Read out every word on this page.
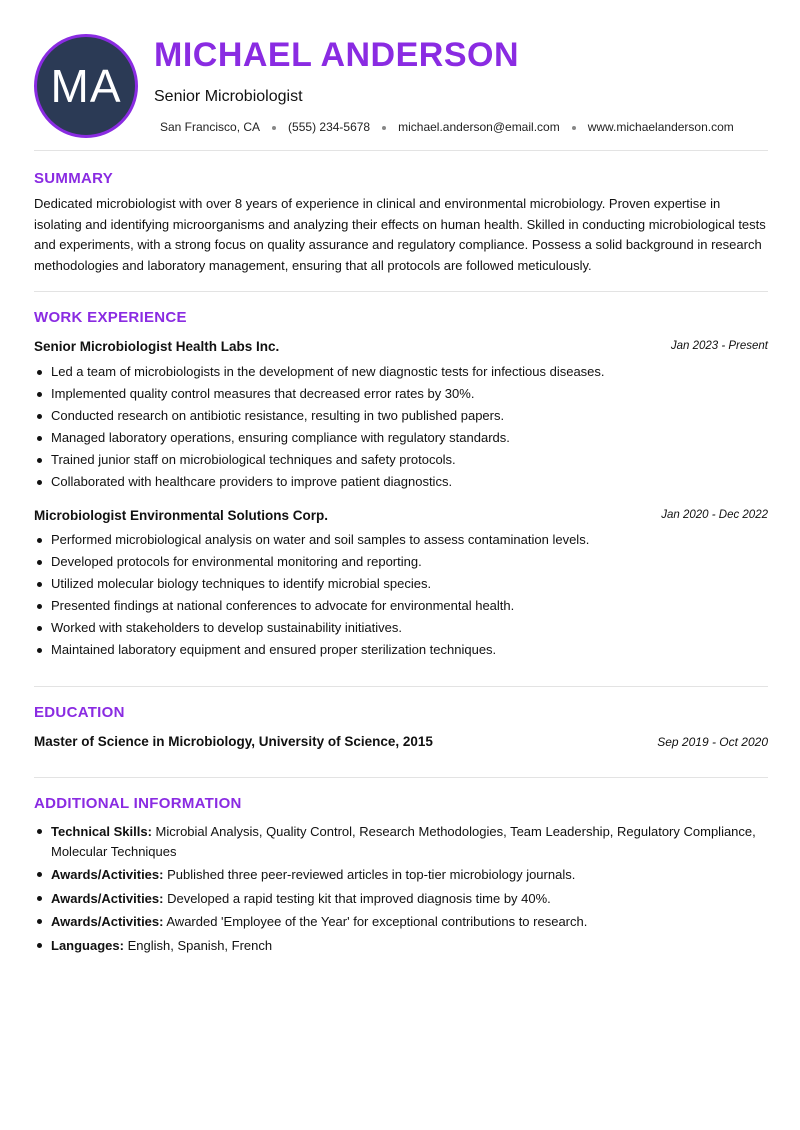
MA
MICHAEL ANDERSON
Senior Microbiologist
San Francisco, CA (555) 234-5678 michael.anderson@email.com www.michaelanderson.com
SUMMARY
Dedicated microbiologist with over 8 years of experience in clinical and environmental microbiology. Proven expertise in isolating and identifying microorganisms and analyzing their effects on human health. Skilled in conducting microbiological tests and experiments, with a strong focus on quality assurance and regulatory compliance. Possess a solid background in research methodologies and laboratory management, ensuring that all protocols are followed meticulously.
WORK EXPERIENCE
Senior Microbiologist Health Labs Inc.	Jan 2023 - Present
Led a team of microbiologists in the development of new diagnostic tests for infectious diseases.
Implemented quality control measures that decreased error rates by 30%.
Conducted research on antibiotic resistance, resulting in two published papers.
Managed laboratory operations, ensuring compliance with regulatory standards.
Trained junior staff on microbiological techniques and safety protocols.
Collaborated with healthcare providers to improve patient diagnostics.
Microbiologist Environmental Solutions Corp.	Jan 2020 - Dec 2022
Performed microbiological analysis on water and soil samples to assess contamination levels.
Developed protocols for environmental monitoring and reporting.
Utilized molecular biology techniques to identify microbial species.
Presented findings at national conferences to advocate for environmental health.
Worked with stakeholders to develop sustainability initiatives.
Maintained laboratory equipment and ensured proper sterilization techniques.
EDUCATION
Master of Science in Microbiology, University of Science, 2015	Sep 2019 - Oct 2020
ADDITIONAL INFORMATION
Technical Skills: Microbial Analysis, Quality Control, Research Methodologies, Team Leadership, Regulatory Compliance, Molecular Techniques
Awards/Activities: Published three peer-reviewed articles in top-tier microbiology journals.
Awards/Activities: Developed a rapid testing kit that improved diagnosis time by 40%.
Awards/Activities: Awarded 'Employee of the Year' for exceptional contributions to research.
Languages: English, Spanish, French
